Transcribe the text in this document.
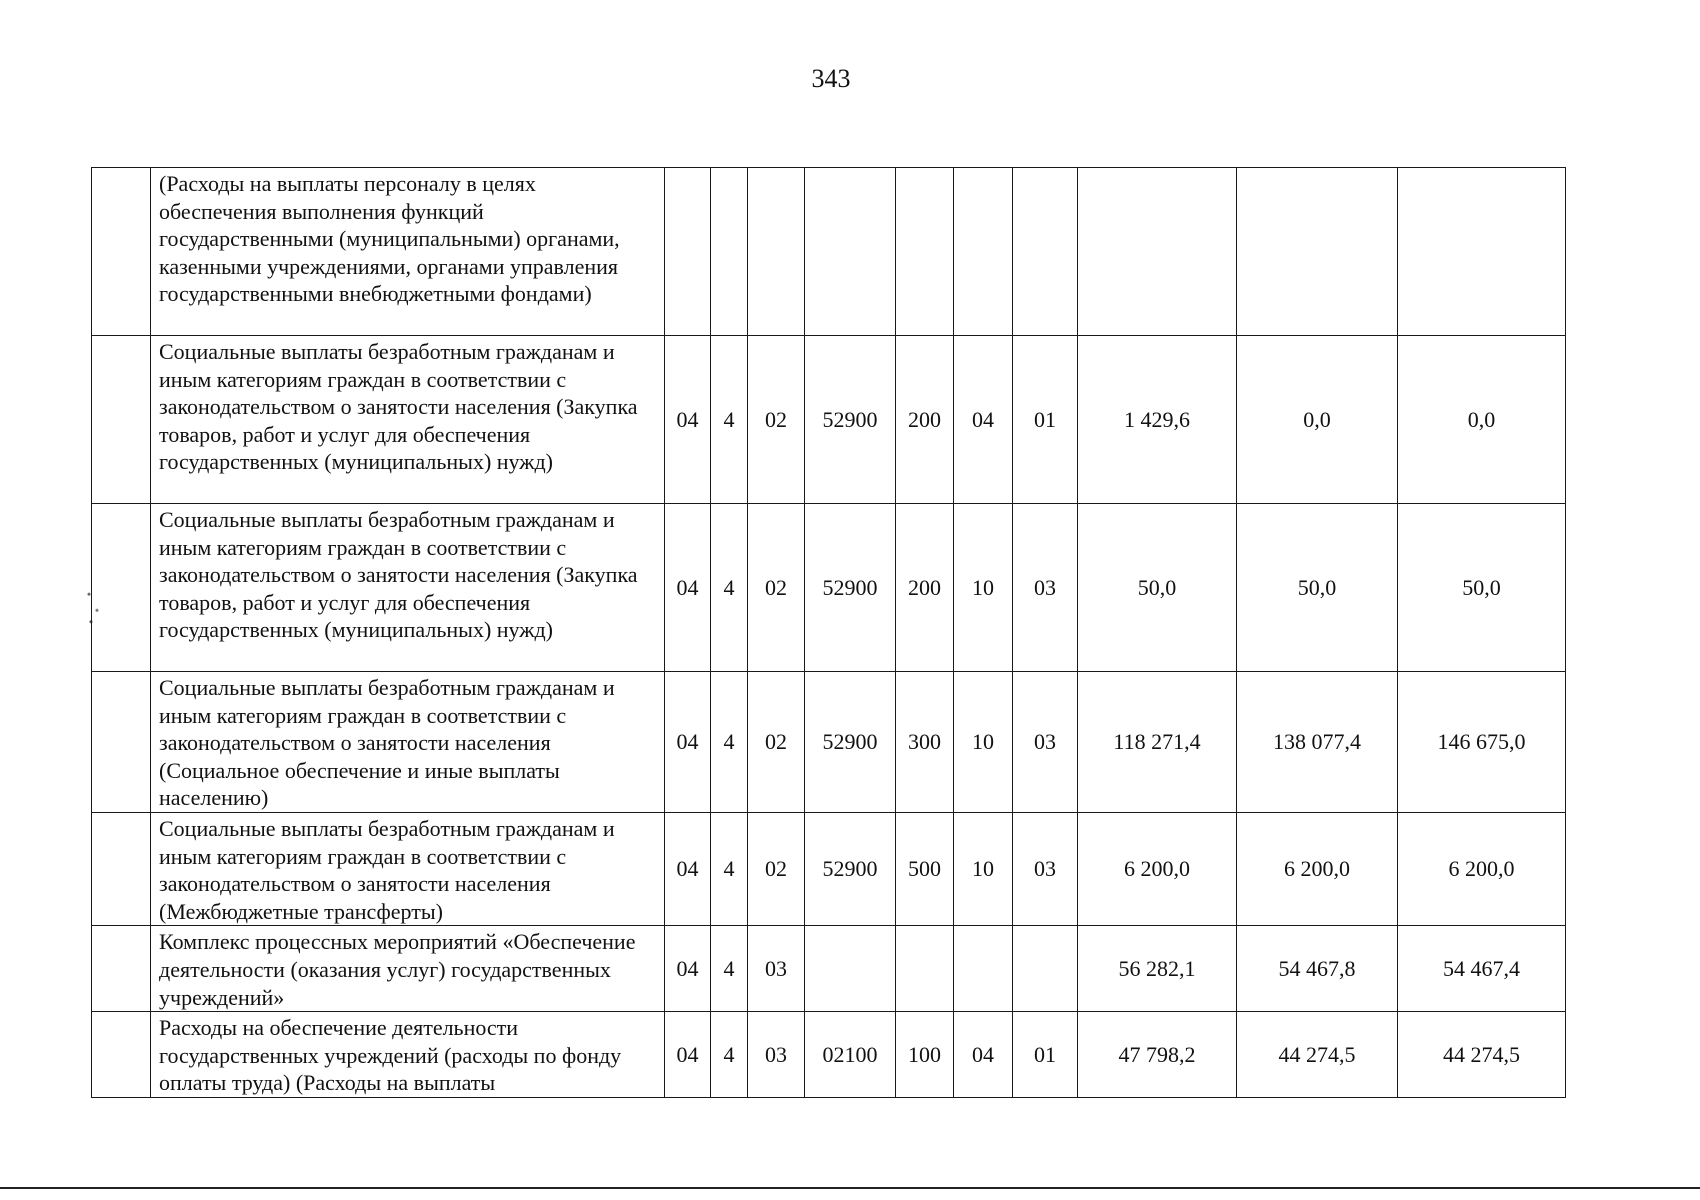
343
	(Расходы на выплаты персоналу в целях обеспечения выполнения функций государственными (муниципальными) органами, казенными учреждениями, органами управления государственными внебюджетными фондами)										
	Социальные выплаты безработным гражданам и иным категориям граждан в соответствии с законодательством о занятости населения (Закупка товаров, работ и услуг для обеспечения государственных (муниципальных) нужд)	04	4	02	52900	200	04	01	1 429,6	0,0	0,0
	Социальные выплаты безработным гражданам и иным категориям граждан в соответствии с законодательством о занятости населения (Закупка товаров, работ и услуг для обеспечения государственных (муниципальных) нужд)	04	4	02	52900	200	10	03	50,0	50,0	50,0
	Социальные выплаты безработным гражданам и иным категориям граждан в соответствии с законодательством о занятости населения (Социальное обеспечение и иные выплаты населению)	04	4	02	52900	300	10	03	118 271,4	138 077,4	146 675,0
	Социальные выплаты безработным гражданам и иным категориям граждан в соответствии с законодательством о занятости населения (Межбюджетные трансферты)	04	4	02	52900	500	10	03	6 200,0	6 200,0	6 200,0
	Комплекс процессных мероприятий «Обеспечение деятельности (оказания услуг) государственных учреждений»	04	4	03					56 282,1	54 467,8	54 467,4
	Расходы на обеспечение деятельности государственных учреждений (расходы по фонду оплаты труда) (Расходы на выплаты	04	4	03	02100	100	04	01	47 798,2	44 274,5	44 274,5
